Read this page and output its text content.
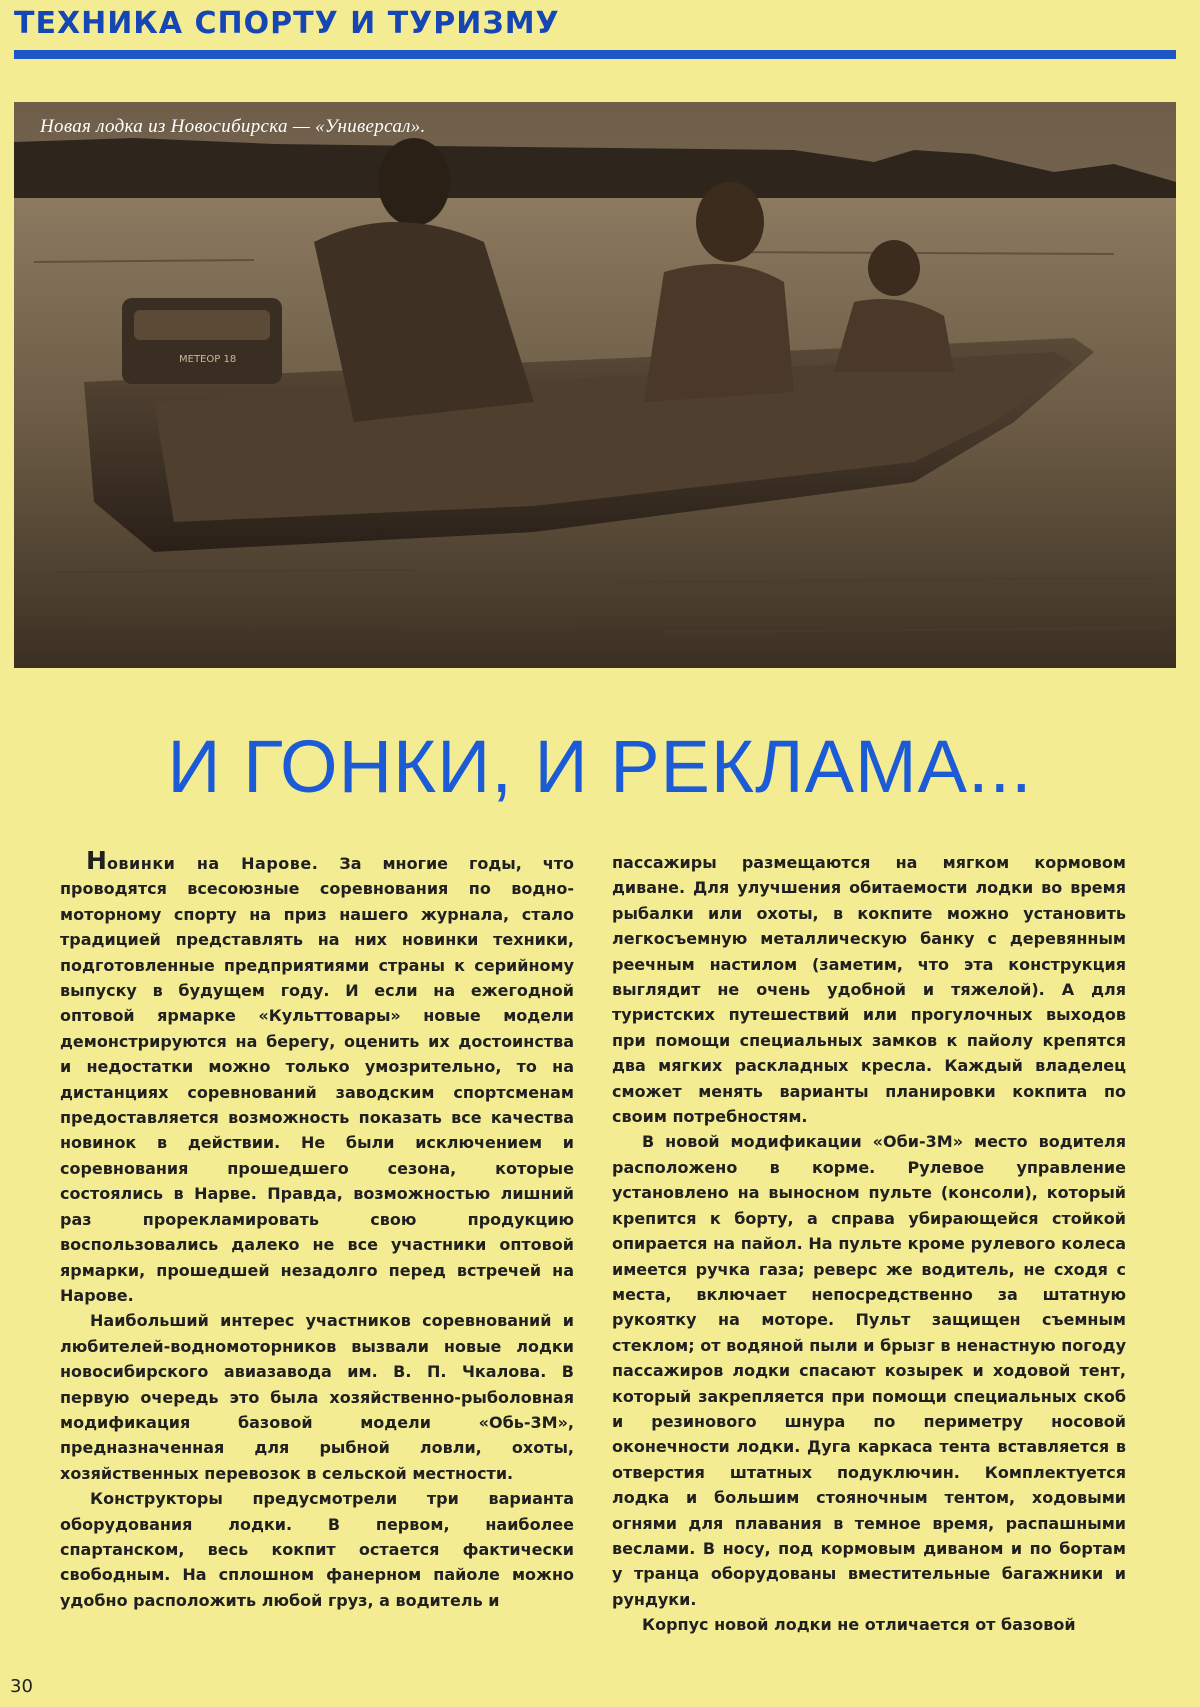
ТЕХНИКА СПОРТУ И ТУРИЗМУ
МЕТЕОР 18
Новая лодка из Новосибирска — «Универсал».
И ГОНКИ, И РЕКЛАМА...

Новинки на Нарове. За многие годы, что проводятся всесоюзные соревнования по водно-моторному спорту на приз нашего журнала, стало традицией представлять на них новинки техники, подготовленные предприятиями страны к серийному выпуску в будущем году. И если на ежегодной оптовой ярмарке «Культтовары» новые модели демонстрируются на берегу, оценить их достоинства и недостатки можно только умозрительно, то на дистанциях соревнований заводским спортсменам предоставляется возможность показать все качества новинок в действии. Не были исключением и соревнования прошедшего сезона, которые состоялись в Нарве. Правда, возможностью лишний раз прорекламировать свою продукцию воспользовались далеко не все участники оптовой ярмарки, прошедшей незадолго перед встречей на Нарове.

Наибольший интерес участников соревнований и любителей-водномоторников вызвали новые лодки новосибирского авиазавода им. В. П. Чкалова. В первую очередь это была хозяйственно-рыболовная модификация базовой модели «Обь-3М», предназначенная для рыбной ловли, охоты, хозяйственных перевозок в сельской местности.

Конструкторы предусмотрели три варианта оборудования лодки. В первом, наиболее спартанском, весь кокпит остается фактически свободным. На сплошном фанерном пайоле можно удобно расположить любой груз, а водитель и

пассажиры размещаются на мягком кормовом диване. Для улучшения обитаемости лодки во время рыбалки или охоты, в кокпите можно установить легкосъемную металлическую банку с деревянным реечным настилом (заметим, что эта конструкция выглядит не очень удобной и тяжелой). А для туристских путешествий или прогулочных выходов при помощи специальных замков к пайолу крепятся два мягких раскладных кресла. Каждый владелец сможет менять варианты планировки кокпита по своим потребностям.

В новой модификации «Оби-3М» место водителя расположено в корме. Рулевое управление установлено на выносном пульте (консоли), который крепится к борту, а справа убирающейся стойкой опирается на пайол. На пульте кроме рулевого колеса имеется ручка газа; реверс же водитель, не сходя с места, включает непосредственно за штатную рукоятку на моторе. Пульт защищен съемным стеклом; от водяной пыли и брызг в ненастную погоду пассажиров лодки спасают козырек и ходовой тент, который закрепляется при помощи специальных скоб и резинового шнура по периметру носовой оконечности лодки. Дуга каркаса тента вставляется в отверстия штатных подуключин. Комплектуется лодка и большим стояночным тентом, ходовыми огнями для плавания в темное время, распашными веслами. В носу, под кормовым диваном и по бортам у транца оборудованы вместительные багажники и рундуки.

Корпус новой лодки не отличается от базовой

30
